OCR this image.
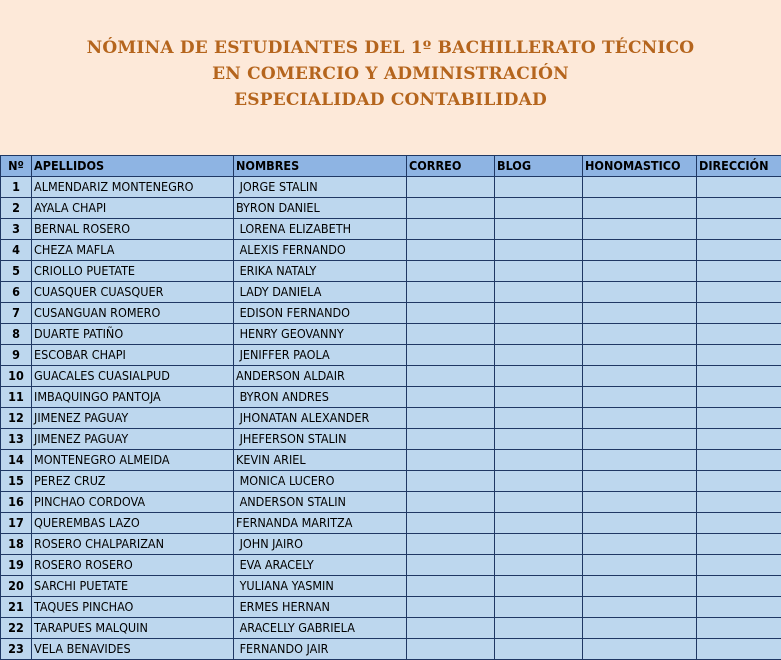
NÓMINA DE ESTUDIANTES DEL 1º BACHILLERATO TÉCNICO
EN COMERCIO Y ADMINISTRACIÓN
ESPECIALIDAD CONTABILIDAD
Nº	APELLIDOS	NOMBRES	CORREO	BLOG	HONOMASTICO	DIRECCIÓN
1	ALMENDARIZ MONTENEGRO	JORGE STALIN				
2	AYALA CHAPI	BYRON DANIEL				
3	BERNAL ROSERO	LORENA ELIZABETH				
4	CHEZA MAFLA	ALEXIS FERNANDO				
5	CRIOLLO PUETATE	ERIKA NATALY				
6	CUASQUER CUASQUER	LADY DANIELA				
7	CUSANGUAN ROMERO	EDISON FERNANDO				
8	DUARTE PATIÑO	HENRY GEOVANNY				
9	ESCOBAR CHAPI	JENIFFER PAOLA				
10	GUACALES CUASIALPUD	ANDERSON ALDAIR				
11	IMBAQUINGO PANTOJA	BYRON ANDRES				
12	JIMENEZ PAGUAY	JHONATAN ALEXANDER				
13	JIMENEZ PAGUAY	JHEFERSON STALIN				
14	MONTENEGRO ALMEIDA	KEVIN ARIEL				
15	PEREZ CRUZ	MONICA LUCERO				
16	PINCHAO CORDOVA	ANDERSON STALIN				
17	QUEREMBAS LAZO	FERNANDA MARITZA				
18	ROSERO CHALPARIZAN	JOHN JAIRO				
19	ROSERO ROSERO	EVA ARACELY				
20	SARCHI PUETATE	YULIANA YASMIN				
21	TAQUES PINCHAO	ERMES HERNAN				
22	TARAPUES MALQUIN	ARACELLY GABRIELA				
23	VELA BENAVIDES	FERNANDO JAIR				
